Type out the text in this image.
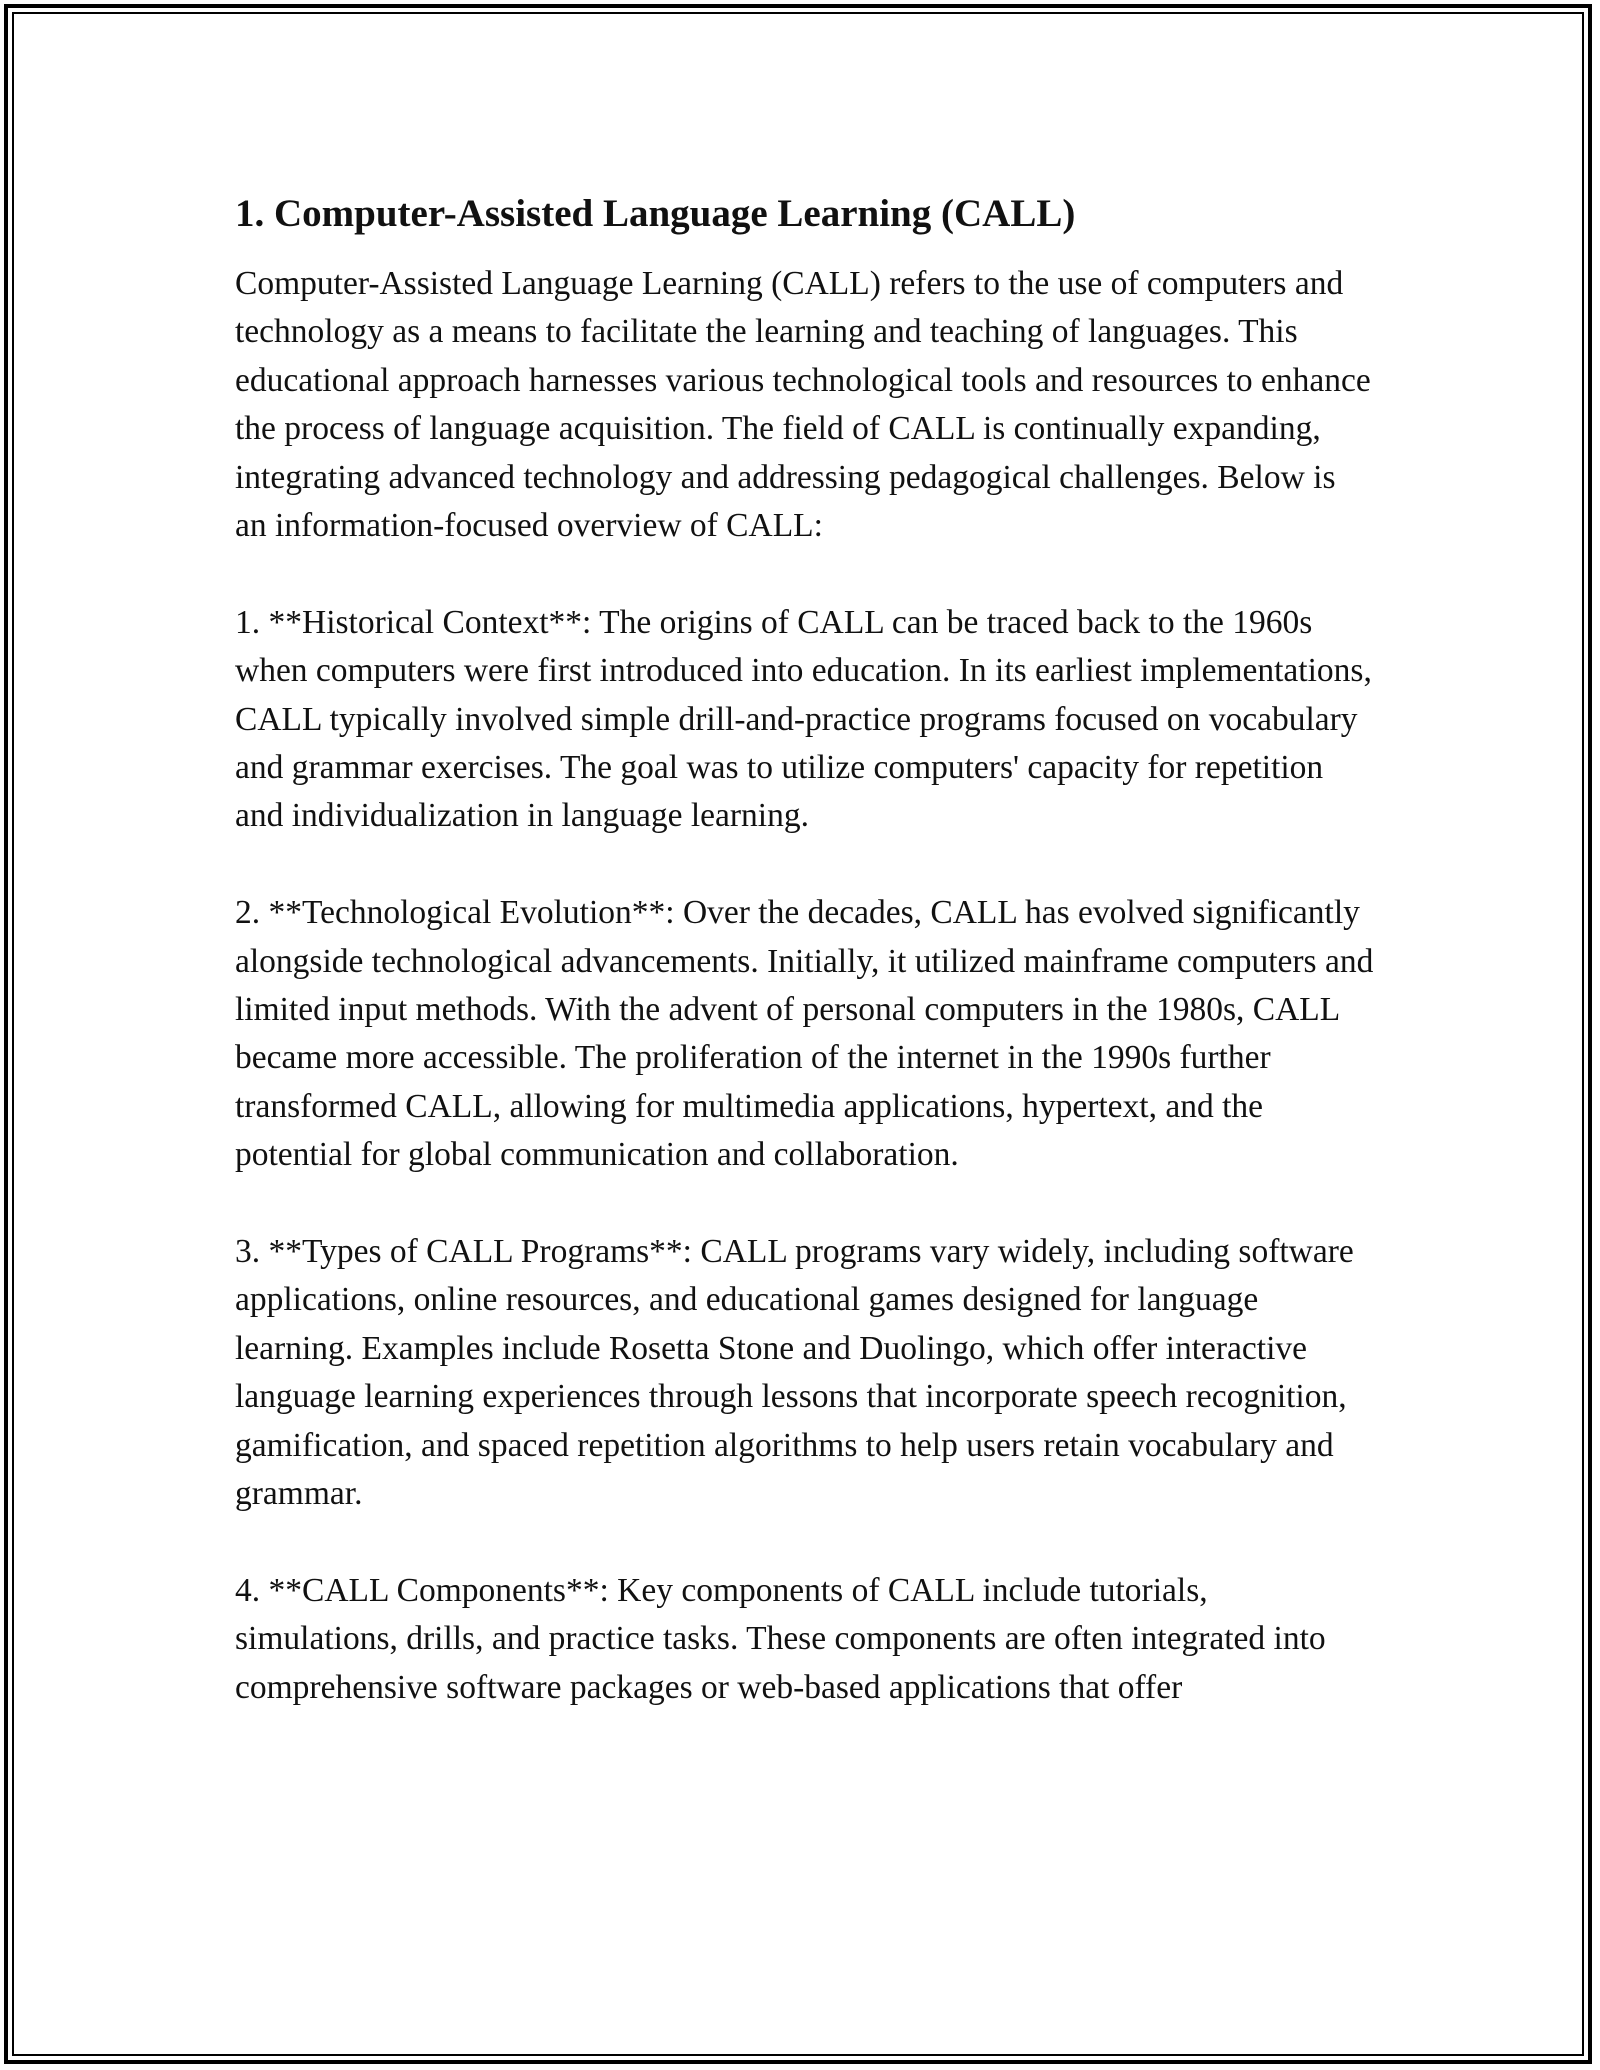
1. Computer-Assisted Language Learning (CALL)

Computer-Assisted Language Learning (CALL) refers to the use of computers and technology as a means to facilitate the learning and teaching of languages. This educational approach harnesses various technological tools and resources to enhance the process of language acquisition. The field of CALL is continually expanding, integrating advanced technology and addressing pedagogical challenges. Below is an information-focused overview of CALL:

1. **Historical Context**: The origins of CALL can be traced back to the 1960s when computers were first introduced into education. In its earliest implementations, CALL typically involved simple drill-and-practice programs focused on vocabulary and grammar exercises. The goal was to utilize computers' capacity for repetition and individualization in language learning.

2. **Technological Evolution**: Over the decades, CALL has evolved significantly alongside technological advancements. Initially, it utilized mainframe computers and limited input methods. With the advent of personal computers in the 1980s, CALL became more accessible. The proliferation of the internet in the 1990s further transformed CALL, allowing for multimedia applications, hypertext, and the potential for global communication and collaboration.

3. **Types of CALL Programs**: CALL programs vary widely, including software applications, online resources, and educational games designed for language learning. Examples include Rosetta Stone and Duolingo, which offer interactive language learning experiences through lessons that incorporate speech recognition, gamification, and spaced repetition algorithms to help users retain vocabulary and grammar.

4. **CALL Components**: Key components of CALL include tutorials, simulations, drills, and practice tasks. These components are often integrated into comprehensive software packages or web-based applications that offer
